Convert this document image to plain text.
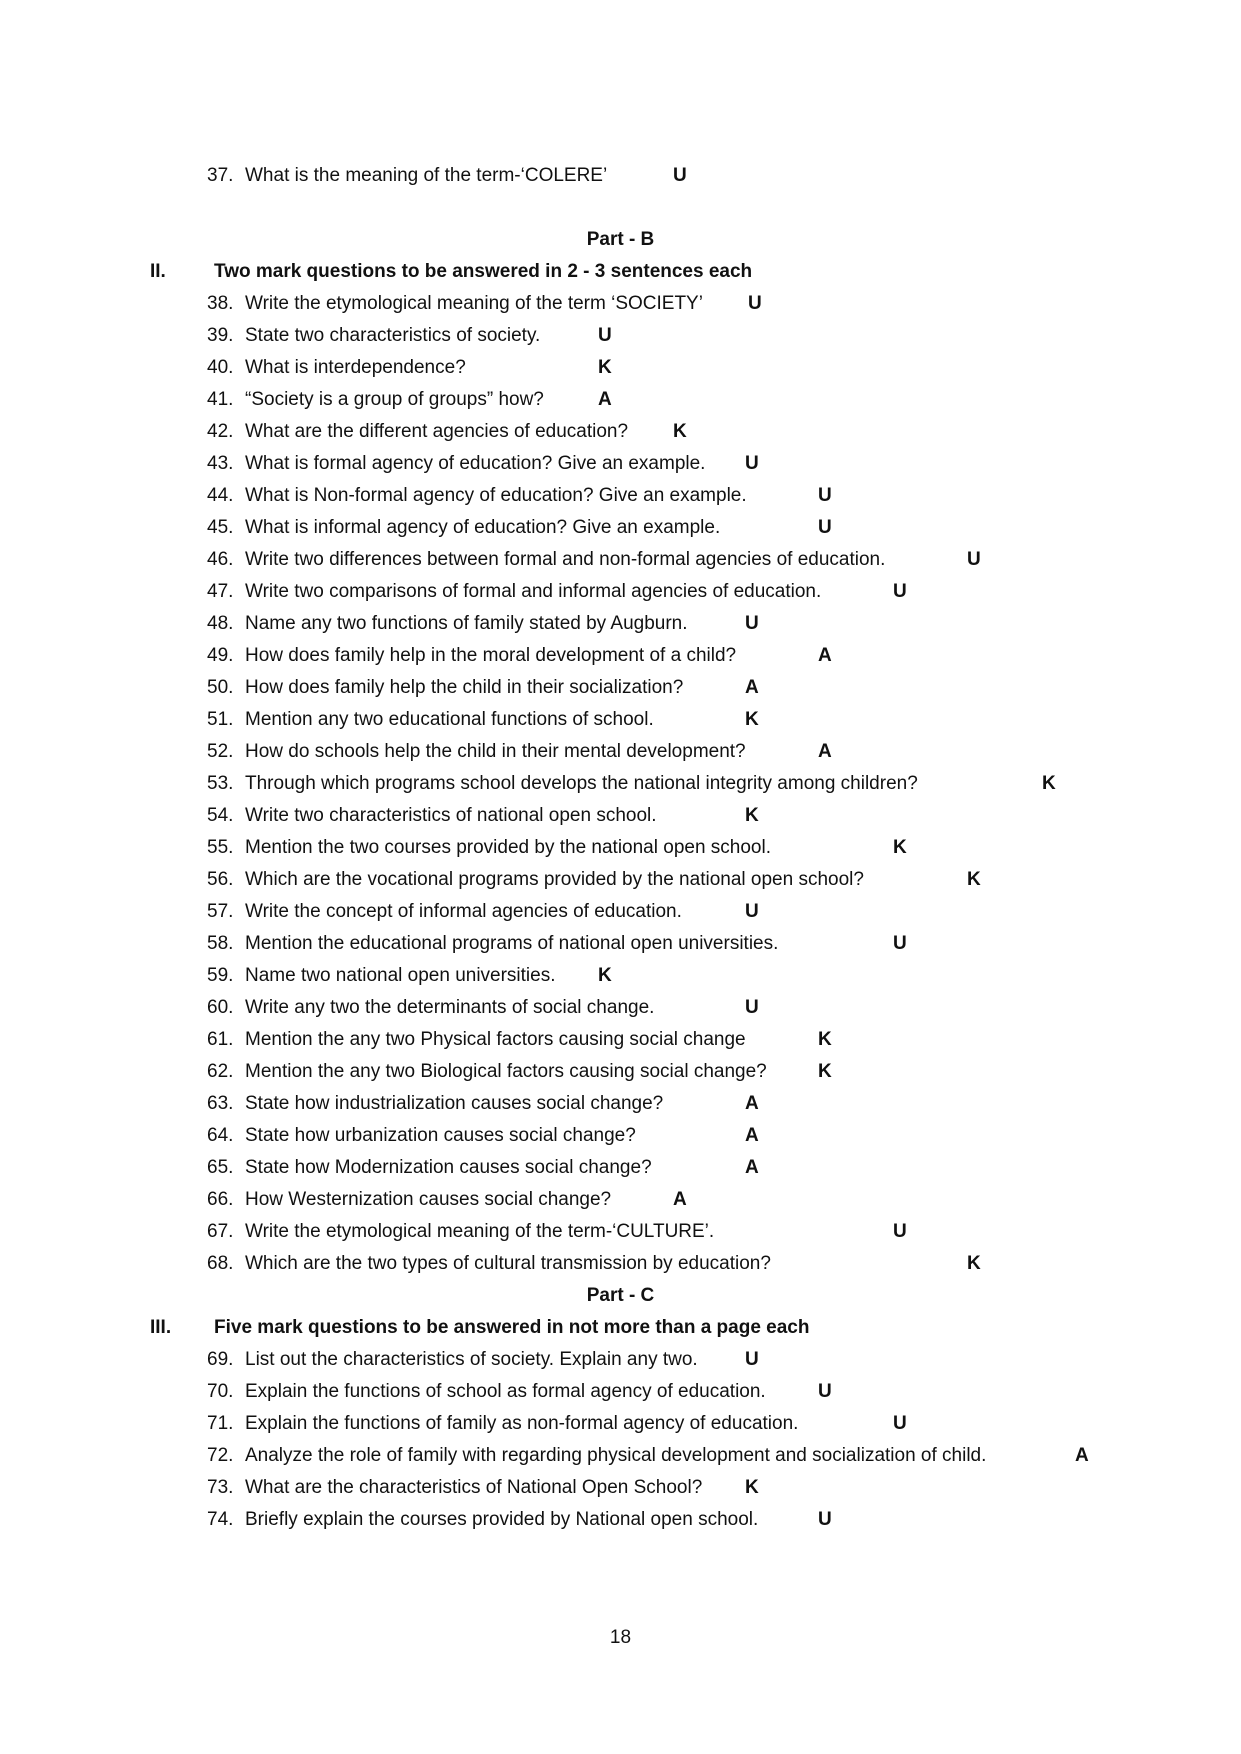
37. What is the meaning of the term-‘COLERE’	U
Part - B
II.	Two mark questions to be answered in 2 - 3 sentences each
38. Write the etymological meaning of the term ‘SOCIETY’ U
39. State two characteristics of society.	U
40. What is interdependence?	K
41. “Society is a group of groups” how?	A
42. What are the different agencies of education? K
43. What is formal agency of education? Give an example. U
44. What is Non-formal agency of education? Give an example.	U
45. What is informal agency of education? Give an example.	U
46. Write two differences between formal and non-formal agencies of education.	U
47. Write two comparisons of formal and informal agencies of education.	U
48. Name any two functions of family stated by Augburn.	U
49. How does family help in the moral development of a child?	A
50. How does family help the child in their socialization?	A
51. Mention any two educational functions of school.	K
52. How do schools help the child in their mental development?	A
53. Through which programs school develops the national integrity among children?	K
54. Write two characteristics of national open school.	K
55. Mention the two courses provided by the national open school.	K
56. Which are the vocational programs provided by the national open school?	K
57. Write the concept of informal agencies of education.	U
58. Mention the educational programs of national open universities.	U
59. Name two national open universities. K
60. Write any two the determinants of social change.	U
61. Mention the any two Physical factors causing social change	K
62. Mention the any two Biological factors causing social change?	K
63. State how industrialization causes social change?	A
64. State how urbanization causes social change?	A
65. State how Modernization causes social change?	A
66. How Westernization causes social change?	A
67. Write the etymological meaning of the term-‘CULTURE’.	U
68. Which are the two types of cultural transmission by education?	K
Part - C
III. Five mark questions to be answered in not more than a page each
69. List out the characteristics of society. Explain any two. U
70. Explain the functions of school as formal agency of education.	U
71. Explain the functions of family as non-formal agency of education.	U
72. Analyze the role of family with regarding physical development and socialization of child.	A
73. What are the characteristics of National Open School? K
74. Briefly explain the courses provided by National open school.	U
18
